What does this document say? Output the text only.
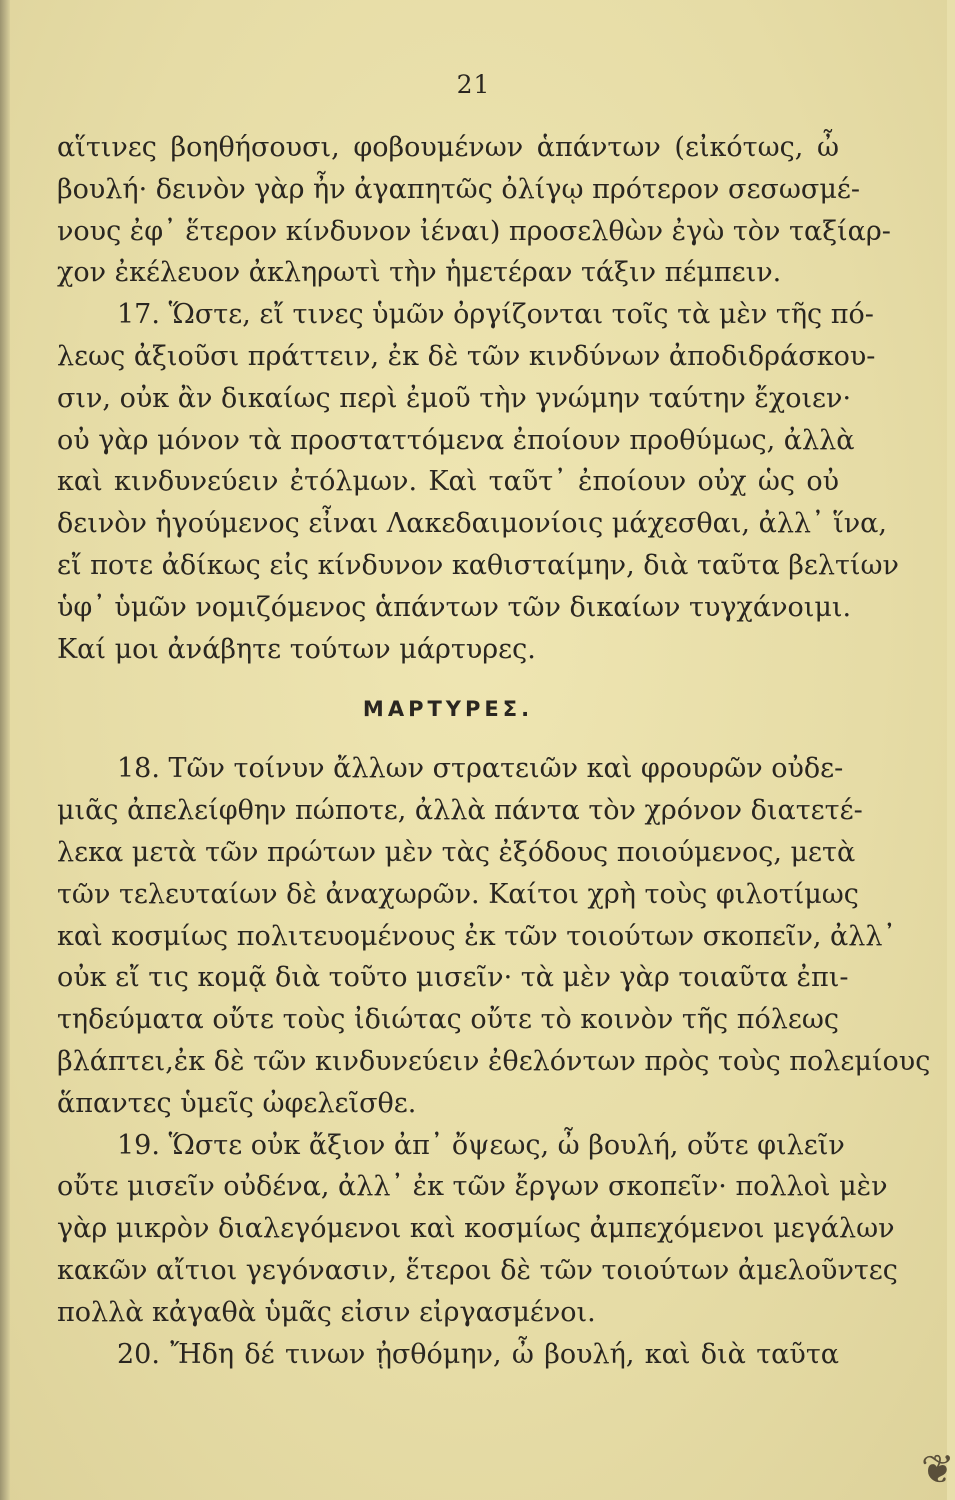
21
αἵτινες βοηθήσουσι, φοβουμένων ἁπάντων (εἰκότως, ὦ
βουλή· δεινὸν γὰρ ἦν ἀγαπητῶς ὀλίγῳ πρότερον σεσωσμέ-
νους ἐφ᾽ ἕτερον κίνδυνον ἰέναι) προσελθὼν ἐγὼ τὸν ταξίαρ-
χον ἐκέλευον ἀκληρωτὶ τὴν ἡμετέραν τάξιν πέμπειν.
17. Ὥστε, εἴ τινες ὑμῶν ὀργίζονται τοῖς τὰ μὲν τῆς πό-
λεως ἀξιοῦσι πράττειν, ἐκ δὲ τῶν κινδύνων ἀποδιδράσκου-
σιν, οὐκ ἂν δικαίως περὶ ἐμοῦ τὴν γνώμην ταύτην ἔχοιεν·
οὐ γὰρ μόνον τὰ προσταττόμενα ἐποίουν προθύμως, ἀλλὰ
καὶ κινδυνεύειν ἐτόλμων. Καὶ ταῦτ᾽ ἐποίουν οὐχ ὡς οὐ
δεινὸν ἡγούμενος εἶναι Λακεδαιμονίοις μάχεσθαι, ἀλλ᾽ ἵνα,
εἴ ποτε ἀδίκως εἰς κίνδυνον καθισταίμην, διὰ ταῦτα βελτίων
ὑφ᾽ ὑμῶν νομιζόμενος ἁπάντων τῶν δικαίων τυγχάνοιμι.
Καί μοι ἀνάβητε τούτων μάρτυρες.
ΜΑΡΤΥΡΕΣ.
18. Τῶν τοίνυν ἄλλων στρατειῶν καὶ φρουρῶν οὐδε-
μιᾶς ἀπελείφθην πώποτε, ἀλλὰ πάντα τὸν χρόνον διατετέ-
λεκα μετὰ τῶν πρώτων μὲν τὰς ἐξόδους ποιούμενος, μετὰ
τῶν τελευταίων δὲ ἀναχωρῶν. Καίτοι χρὴ τοὺς φιλοτίμως
καὶ κοσμίως πολιτευομένους ἐκ τῶν τοιούτων σκοπεῖν, ἀλλ᾽
οὐκ εἴ τις κομᾷ διὰ τοῦτο μισεῖν· τὰ μὲν γὰρ τοιαῦτα ἐπι-
τηδεύματα οὔτε τοὺς ἰδιώτας οὔτε τὸ κοινὸν τῆς πόλεως
βλάπτει,ἐκ δὲ τῶν κινδυνεύειν ἐθελόντων πρὸς τοὺς πολεμίους
ἅπαντες ὑμεῖς ὠφελεῖσθε.
19. Ὥστε οὐκ ἄξιον ἀπ᾽ ὄψεως, ὦ βουλή, οὔτε φιλεῖν
οὔτε μισεῖν οὐδένα, ἀλλ᾽ ἐκ τῶν ἔργων σκοπεῖν· πολλοὶ μὲν
γὰρ μικρὸν διαλεγόμενοι καὶ κοσμίως ἀμπεχόμενοι μεγάλων
κακῶν αἴτιοι γεγόνασιν, ἕτεροι δὲ τῶν τοιούτων ἀμελοῦντες
πολλὰ κἀγαθὰ ὑμᾶς εἰσιν εἰργασμένοι.
20. Ἤδη δέ τινων ᾐσθόμην, ὦ βουλή, καὶ διὰ ταῦτα
❦
